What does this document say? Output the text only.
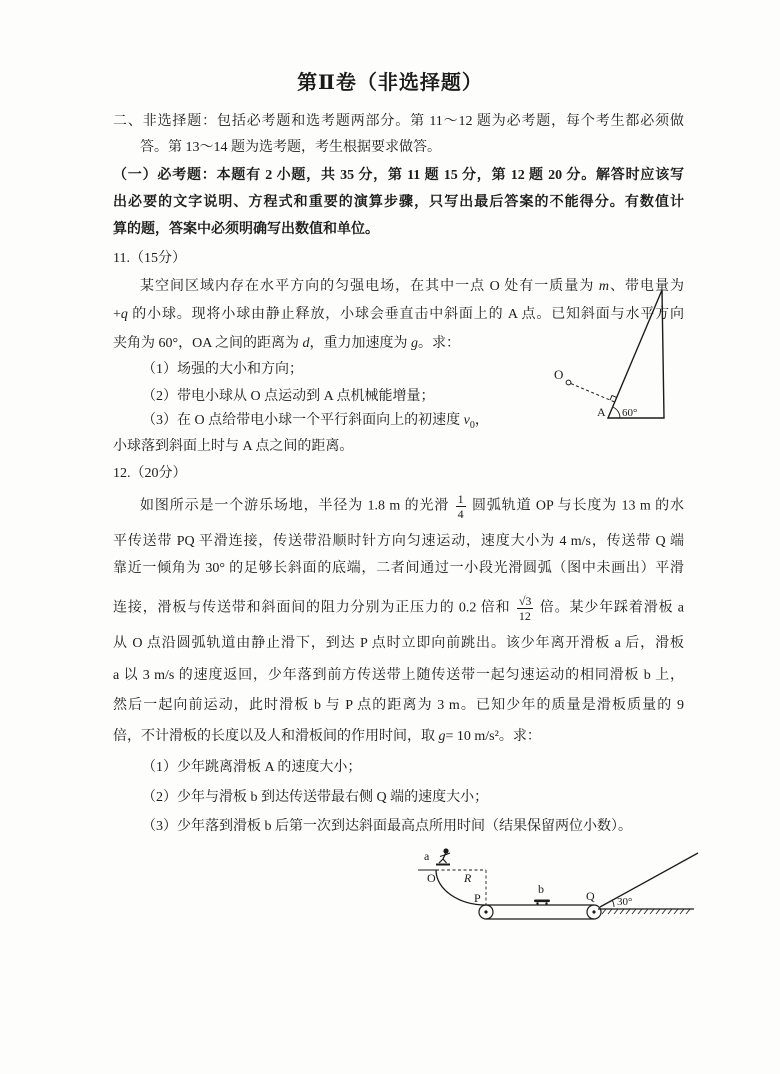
第Ⅱ卷（非选择题）
二、非选择题：包括必考题和选考题两部分。第 11～12 题为必考题，每个考生都必须做
答。第 13～14 题为选考题，考生根据要求做答。
（一）必考题：本题有 2 小题，共 35 分，第 11 题 15 分，第 12 题 20 分。解答时应该写
出必要的文字说明、方程式和重要的演算步骤，只写出最后答案的不能得分。有数值计
算的题，答案中必须明确写出数值和单位。
11.（15分）
某空间区域内存在水平方向的匀强电场，在其中一点 O 处有一质量为 m、带电量为
+q 的小球。现将小球由静止释放，小球会垂直击中斜面上的 A 点。已知斜面与水平方向
夹角为 60°，OA 之间的距离为 d，重力加速度为 g。求：
（1）场强的大小和方向；
（2）带电小球从 O 点运动到 A 点机械能增量；
（3）在 O 点给带电小球一个平行斜面向上的初速度 $v_0$，
小球落到斜面上时与 A 点之间的距离。
O
A 60°
12.（20分）
如图所示是一个游乐场地，半径为 1.8 m 的光滑 $\frac{1}{4}$ 圆弧轨道 OP 与长度为 13 m 的水
平传送带 PQ 平滑连接，传送带沿顺时针方向匀速运动，速度大小为 4 m/s，传送带 Q 端
靠近一倾角为 30° 的足够长斜面的底端，二者间通过一小段光滑圆弧（图中未画出）平滑
连接，滑板与传送带和斜面间的阻力分别为正压力的 0.2 倍和 $\frac{√3}{12}$ 倍。某少年踩着滑板 a
从 O 点沿圆弧轨道由静止滑下，到达 P 点时立即向前跳出。该少年离开滑板 a 后，滑板
a 以 3 m/s 的速度返回，少年落到前方传送带上随传送带一起匀速运动的相同滑板 b 上，
然后一起向前运动，此时滑板 b 与 P 点的距离为 3 m。已知少年的质量是滑板质量的 9
倍，不计滑板的长度以及人和滑板间的作用时间，取 g= 10 m/s²。求：
（1）少年跳离滑板 A 的速度大小；
（2）少年与滑板 b 到达传送带最右侧 Q 端的速度大小；
（3）少年落到滑板 b 后第一次到达斜面最高点所用时间（结果保留两位小数）。
a
O R
P
b	Q 30°
